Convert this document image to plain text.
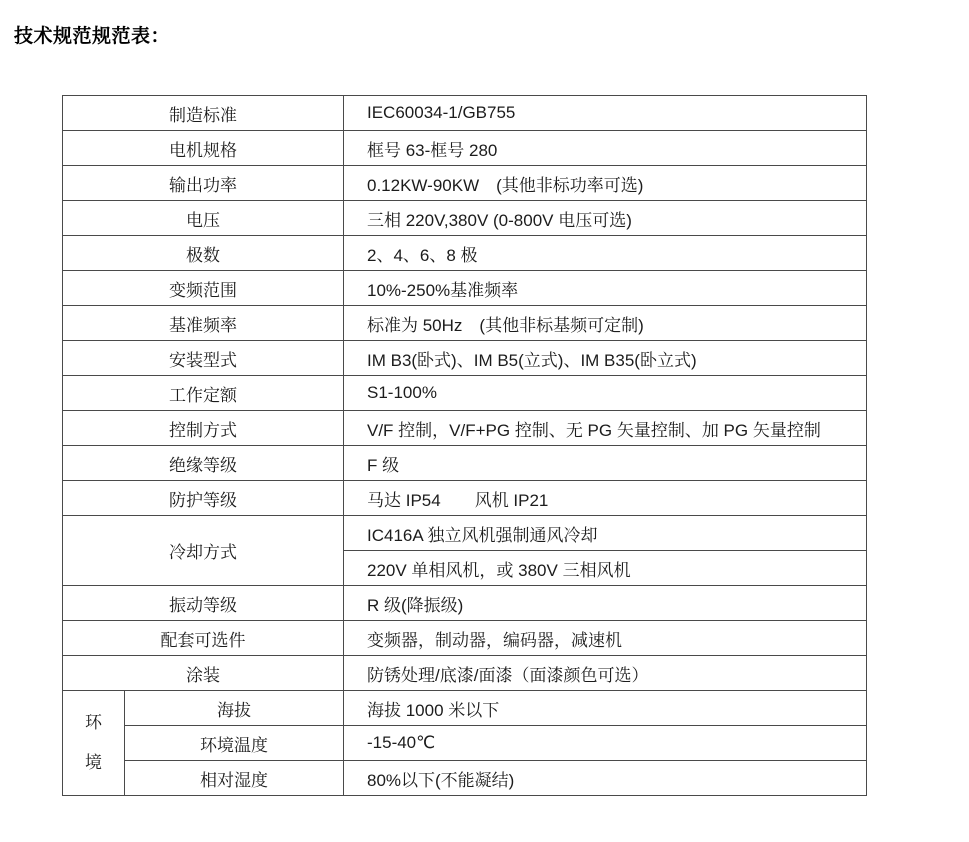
技术规范规范表：
制造标准		IEC60034-1/GB755
电机规格		框号 63-框号 280
输出功率		0.12KW-90KW　(其他非标功率可选)
电压		三相 220V,380V (0-800V 电压可选)
极数		2、4、6、8 极
变频范围		10%-250%基准频率
基准频率		标准为 50Hz　(其他非标基频可定制)
安装型式		IM B3(卧式)、IM B5(立式)、IM B35(卧立式)
工作定额		S1-100%
控制方式		V/F 控制，V/F+PG 控制、无 PG 矢量控制、加 PG 矢量控制
绝缘等级		F 级
防护等级		马达 IP54　　风机 IP21
冷却方式		IC416A 独立风机强制通风冷却
		220V 单相风机，或 380V 三相风机
振动等级		R 级(降振级)
配套可选件		变频器，制动器，编码器，减速机
涂装		防锈处理/底漆/面漆（面漆颜色可选）
环境	海拔	海拔 1000 米以下
	环境温度	-15-40℃
	相对湿度	80%以下(不能凝结)
